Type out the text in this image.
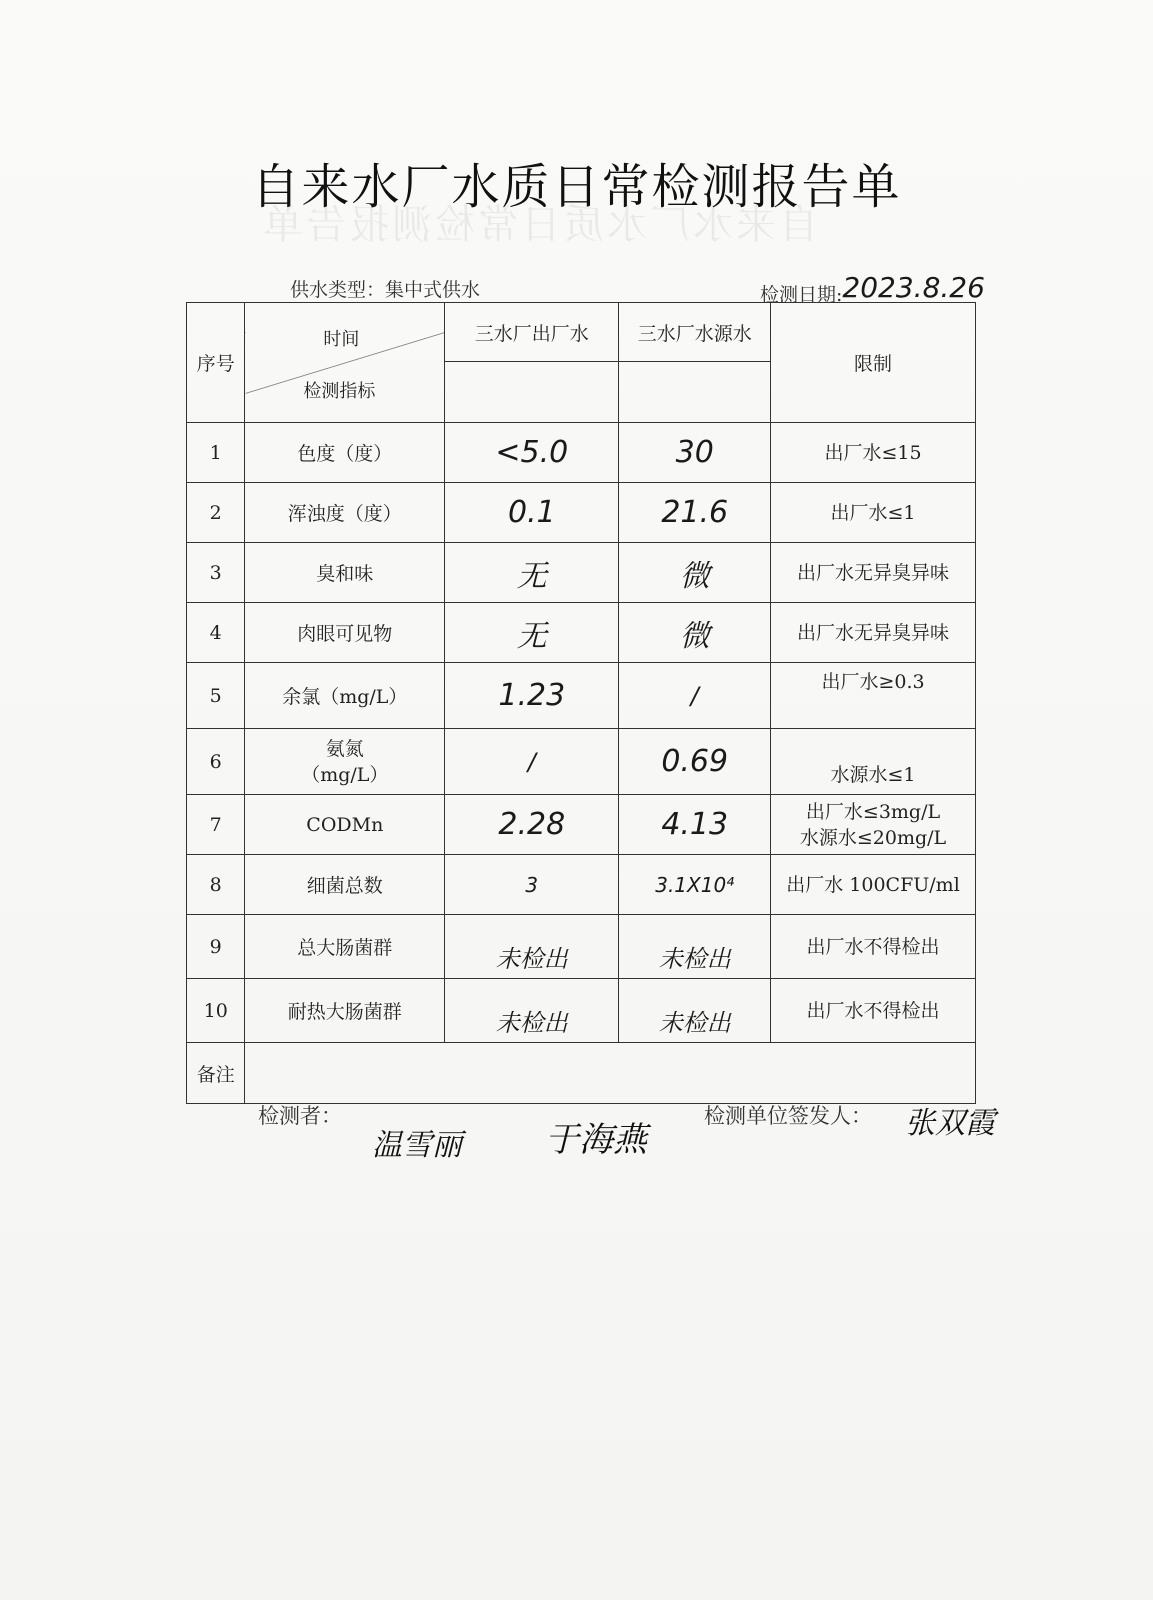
自来水厂水质日常检测报告单
自来水厂水质日常检测报告单
供水类型：集中式供水	检测日期:2023.8.26
序号	时间
检测指标	三水厂出厂水	三水厂水源水	限制

1	色度（度）	<5.0	30	出厂水≤15
2	浑浊度（度）	0.1	21.6	出厂水≤1
3	臭和味	无	微	出厂水无异臭异味
4	肉眼可见物	无	微	出厂水无异臭异味
5	余氯（mg/L）	1.23	/	出厂水≥0.3
6	氨氮
（mg/L）	/	0.69	水源水≤1
7	CODMn	2.28	4.13	出厂水≤3mg/L
水源水≤20mg/L

8	细菌总数	3	3.1X10⁴	出厂水 100CFU/ml
9	总大肠菌群	未检出	未检出	出厂水不得检出
10	耐热大肠菌群	未检出	未检出	出厂水不得检出
备注				
检测者：
温雪丽 于海燕
检测单位签发人： 张双霞
